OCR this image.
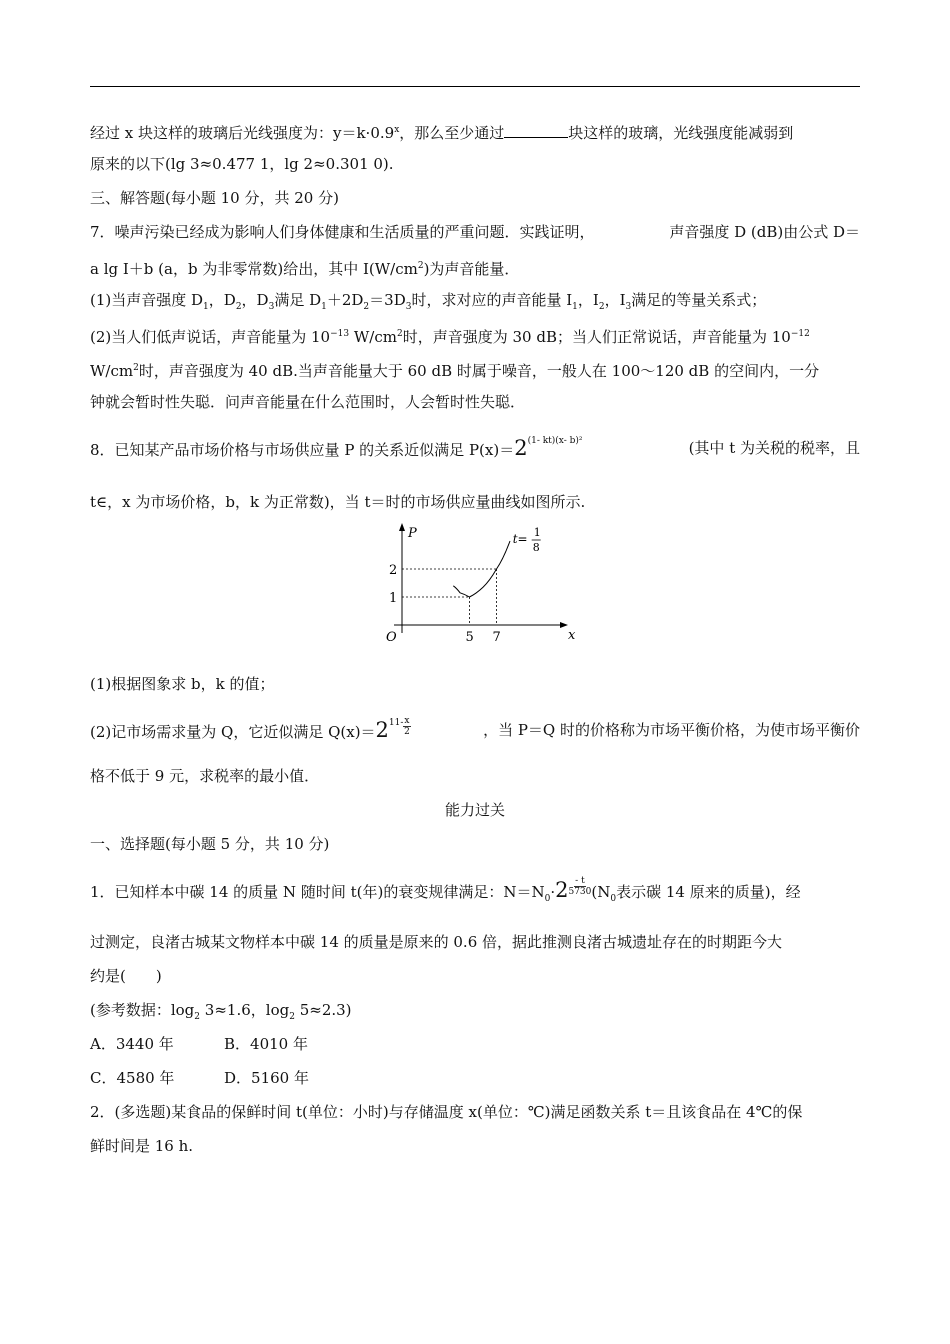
经过 x 块这样的玻璃后光线强度为：$y=k\cdot 0.9^x$，那么至少通过	块这样的玻璃，光线强度能减弱到
原来的以下(lg 3≈0.477 1，lg 2≈0.301 0).
三、解答题(每小题 10 分，共 20 分)
7．噪声污染已经成为影响人们身体健康和生活质量的严重问题．实践证明，	声音强度 D (dB)由公式 D＝
a lg I＋b (a，b 为非零常数)给出，其中 $I(W/cm^2)$为声音能量．
(1)当声音强度 $D_1$，$D_2$，$D_3$满足 $D_1+2D_2=3D_3$时，求对应的声音能量 $I_1$，$I_2$，$I_3$满足的等量关系式；
(2)当人们低声说话，声音能量为 $10^{-13}$ $W/cm^2$时，声音强度为 30 dB；当人们正常说话，声音能量为 $10^{-12}$
$W/cm^2$时，声音强度为 40 dB.当声音能量大于 60 dB 时属于噪音，一般人在 100～120 dB 的空间内，一分
钟就会暂时性失聪．问声音能量在什么范围时，人会暂时性失聪．
8．已知某产品市场价格与市场供应量 P 的关系近似满足 $P(x)=2^{(1- kt)(x- b)^2}$	(其中 t 为关税的税率，且
t∈，x 为市场价格，b，k 为正常数)，当 t＝时的市场供应量曲线如图所示.
P
x
O	5 7
1
2
t= 1
8
(1)根据图象求 b，k 的值；
(2)记市场需求量为 Q，它近似满足 $Q(x)=2^{11-} \frac{x}{2}$	，当 P＝Q 时的价格称为市场平衡价格，为使市场平衡价
格不低于 9 元，求税率的最小值．
能力过关
一、选择题(每小题 5 分，共 10 分)
1．已知样本中碳 14 的质量 N 随时间 t(年)的衰变规律满足：$N=N_0\cdot 2 \frac{- t}{5730} (N_0$表示碳 14 原来的质量)，经
过测定，良渚古城某文物样本中碳 14 的质量是原来的 0.6 倍，据此推测良渚古城遗址存在的时期距今大
约是(　　)
(参考数据：$\log_2 3\approx 1.6$，$\log_2 5\approx 2.3$)
A．3440 年	B．4010 年
C．4580 年	D．5160 年
2．(多选题)某食品的保鲜时间 t(单位：小时)与存储温度 x(单位：℃)满足函数关系 t＝且该食品在 4℃的保
鲜时间是 16 h.
